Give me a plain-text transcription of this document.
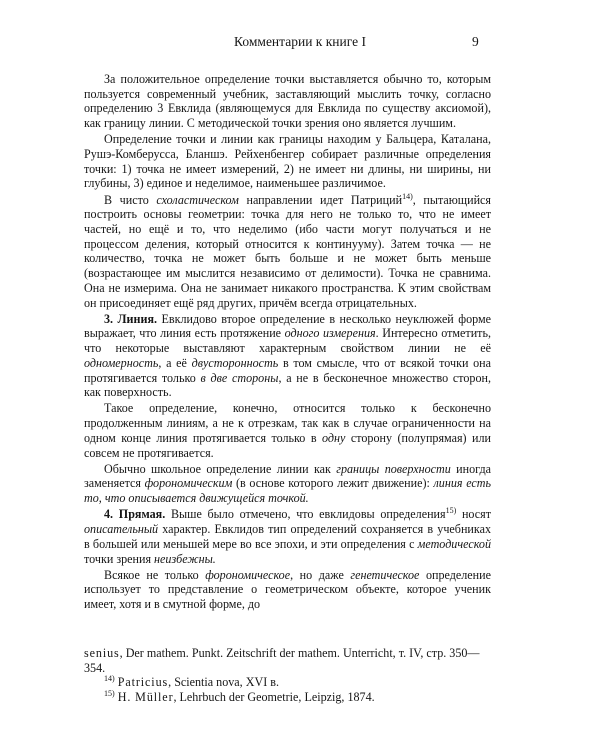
Комментарии к книге I	9

За положительное определение точки выставляется обычно то, которым пользуется современный учебник, заставляющий мыслить точку, согласно определению 3 Евклида (являющемуся для Евклида по существу аксиомой), как границу линии. С методической точки зрения оно является лучшим.

Определение точки и линии как границы находим у Бальцера, Каталана, Рушэ-Комберусса, Бланшэ. Рейхенбенгер собирает различные определения точки: 1) точка не имеет измерений, 2) не имеет ни длины, ни ширины, ни глубины, 3) единое и неделимое, наименьшее различимое.

В чисто схоластическом направлении идет Патриций$^{14)}$, пытающийся построить основы геометрии: точка для него не только то, что не имеет частей, но ещё и то, что неделимо (ибо части могут получаться и не процессом деления, который относится к континууму). Затем точка — не количество, точка не может быть больше и не может быть меньше (возрастающее им мыслится независимо от делимости). Точка не сравнима. Она не измерима. Она не занимает никакого пространства. К этим свойствам он присоединяет ещё ряд других, причём всегда отрицательных.

3. Линия. Евклидово второе определение в несколько неуклюжей форме выражает, что линия есть протяжение одного измерения. Интересно отметить, что некоторые выставляют характерным свойством линии не её одномерность, а её двусторонность в том смысле, что от всякой точки она протягивается только в две стороны, а не в бесконечное множество сторон, как поверхность.

Такое определение, конечно, относится только к бесконечно продолженным линиям, а не к отрезкам, так как в случае ограниченности на одном конце линия протягивается только в одну сторону (полупрямая) или совсем не протягивается.

Обычно школьное определение линии как границы поверхности иногда заменяется форономическим (в основе которого лежит движение): линия есть то, что описывается движущейся точкой.

4. Прямая. Выше было отмечено, что евклидовы определения$^{15)}$ носят описательный характер. Евклидов тип определений сохраняется в учебниках в большей или меньшей мере во все эпохи, и эти определения с методической точки зрения неизбежны.

Всякое не только форономическое, но даже генетическое определение использует то представление о геометрическом объекте, которое ученик имеет, хотя и в смутной форме, до

senius, Der mathem. Punkt. Zeitschrift der mathem. Unterricht, т. IV, стр. 350—354.

$^{14)}$ Patricius, Scientia nova, XVI в.

$^{15)}$ H. Müller, Lehrbuch der Geometrie, Leipzig, 1874.
